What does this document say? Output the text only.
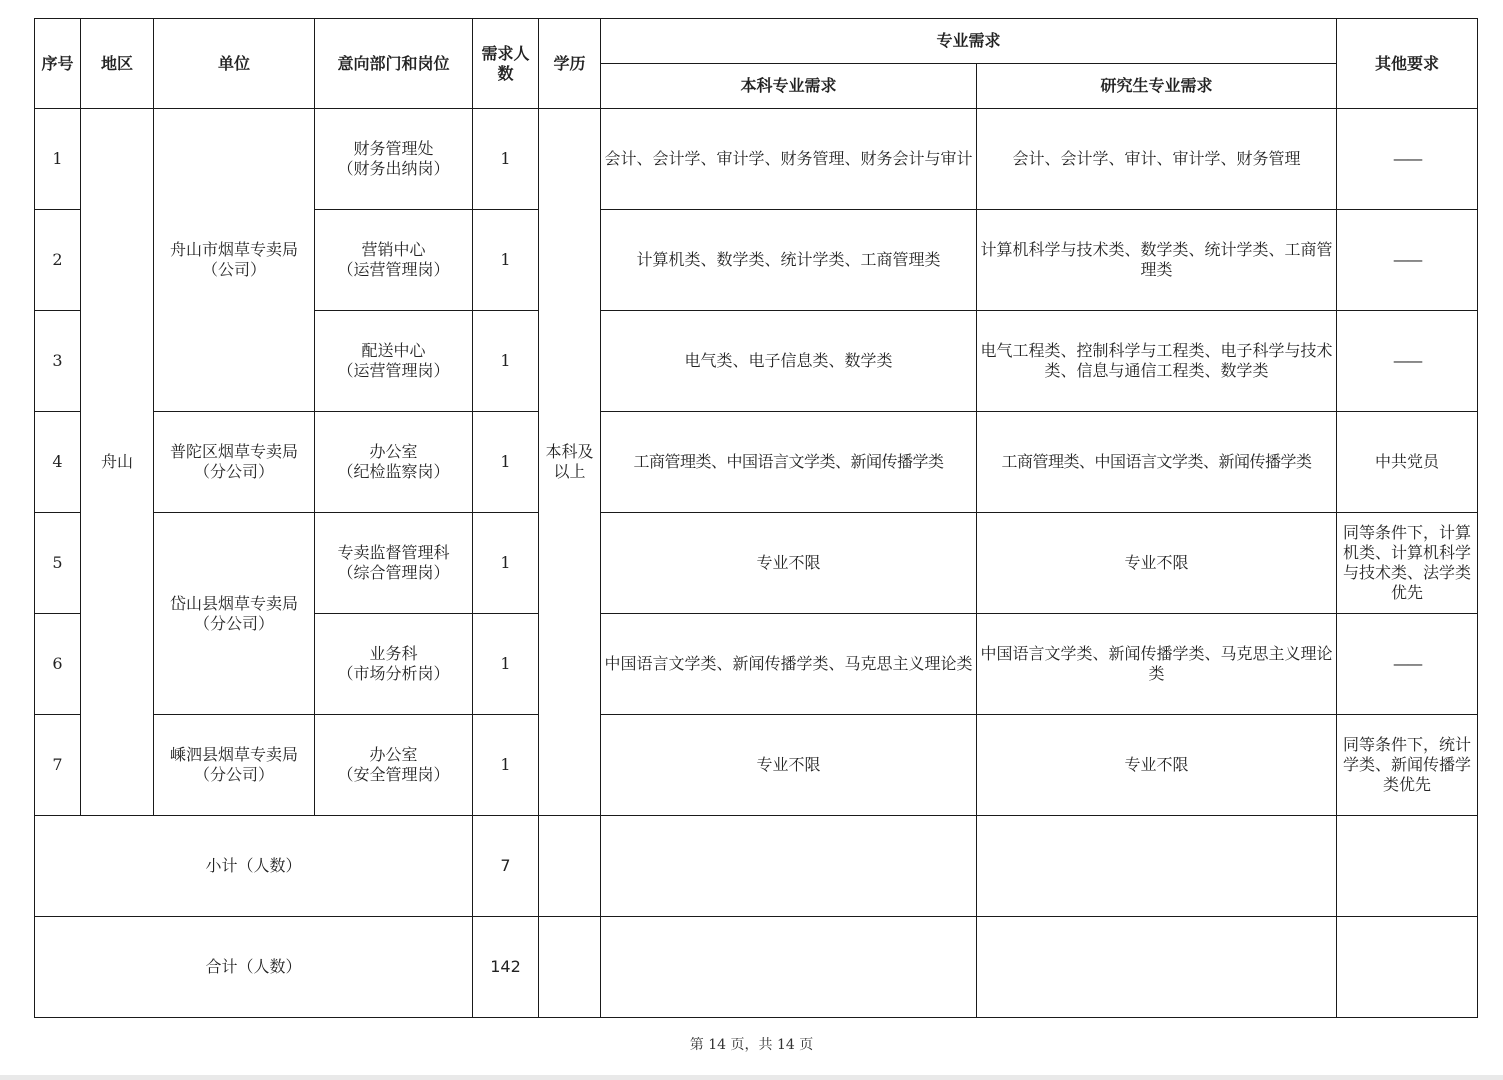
序号	地区	单位	意向部门和岗位	需求人数	学历	专业需求		其他要求
						本科专业需求	研究生专业需求	
1	舟山	舟山市烟草专卖局（公司）	财务管理处
（财务出纳岗）	1	本科及以上	会计、会计学、审计学、财务管理、财务会计与审计	会计、会计学、审计、审计学、财务管理	——
2			营销中心
（运营管理岗）	1		计算机类、数学类、统计学类、工商管理类	计算机科学与技术类、数学类、统计学类、工商管理类	——
3			配送中心
（运营管理岗）	1		电气类、电子信息类、数学类	电气工程类、控制科学与工程类、电子科学与技术类、信息与通信工程类、数学类	——
4		普陀区烟草专卖局（分公司）	办公室
（纪检监察岗）	1		工商管理类、中国语言文学类、新闻传播学类	工商管理类、中国语言文学类、新闻传播学类	中共党员
5		岱山县烟草专卖局（分公司）	专卖监督管理科
（综合管理岗）	1		专业不限	专业不限	同等条件下，计算机类、计算机科学与技术类、法学类优先
6			业务科
（市场分析岗）	1		中国语言文学类、新闻传播学类、马克思主义理论类	中国语言文学类、新闻传播学类、马克思主义理论类	——
7		嵊泗县烟草专卖局（分公司）	办公室
（安全管理岗）	1		专业不限	专业不限	同等条件下，统计学类、新闻传播学类优先
小计（人数）				7				
合计（人数）				142				
第 14 页，共 14 页
